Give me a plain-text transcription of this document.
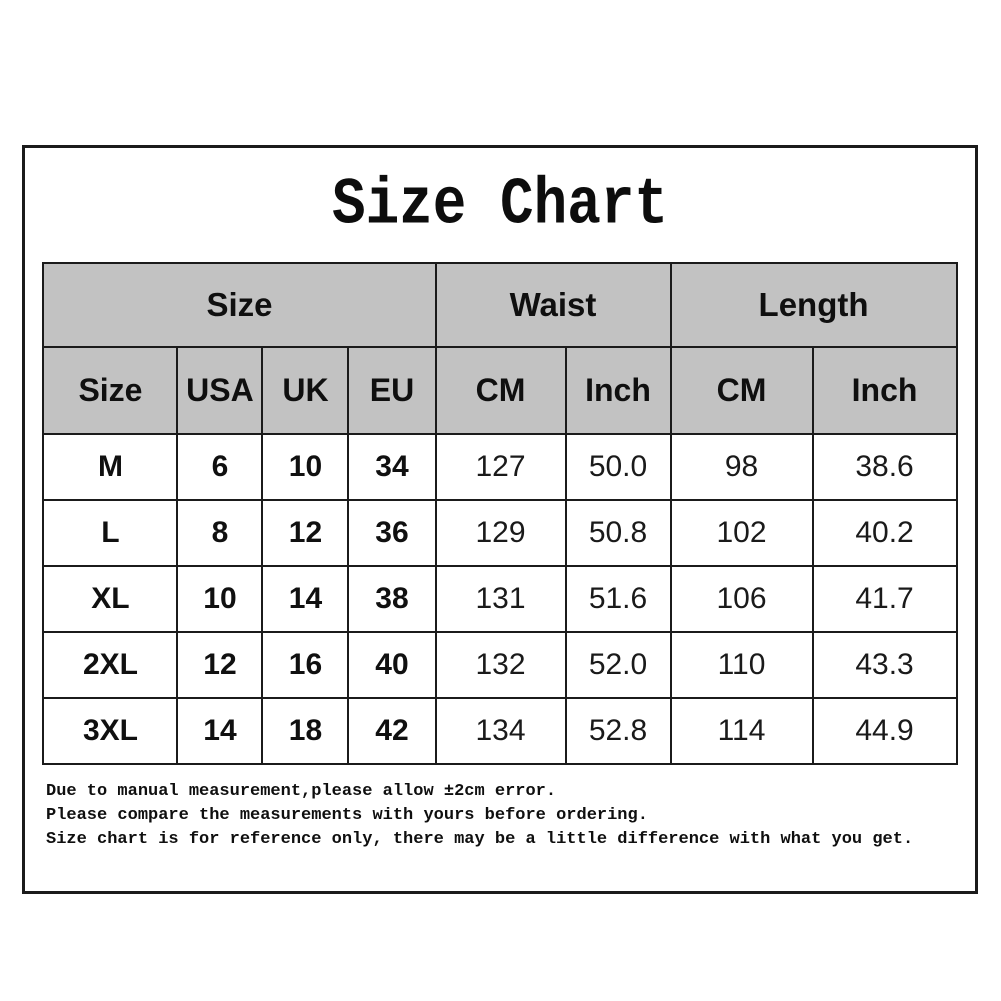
Size Chart
Size				Waist		Length	
Size	USA	UK	EU	CM	Inch	CM	Inch
M	6	10	34	127	50.0	98	38.6
L	8	12	36	129	50.8	102	40.2
XL	10	14	38	131	51.6	106	41.7
2XL	12	16	40	132	52.0	110	43.3
3XL	14	18	42	134	52.8	114	44.9
Due to manual measurement,please allow ±2cm error.
Please compare the measurements with yours before ordering.
Size chart is for reference only, there may be a little difference with what you get.
